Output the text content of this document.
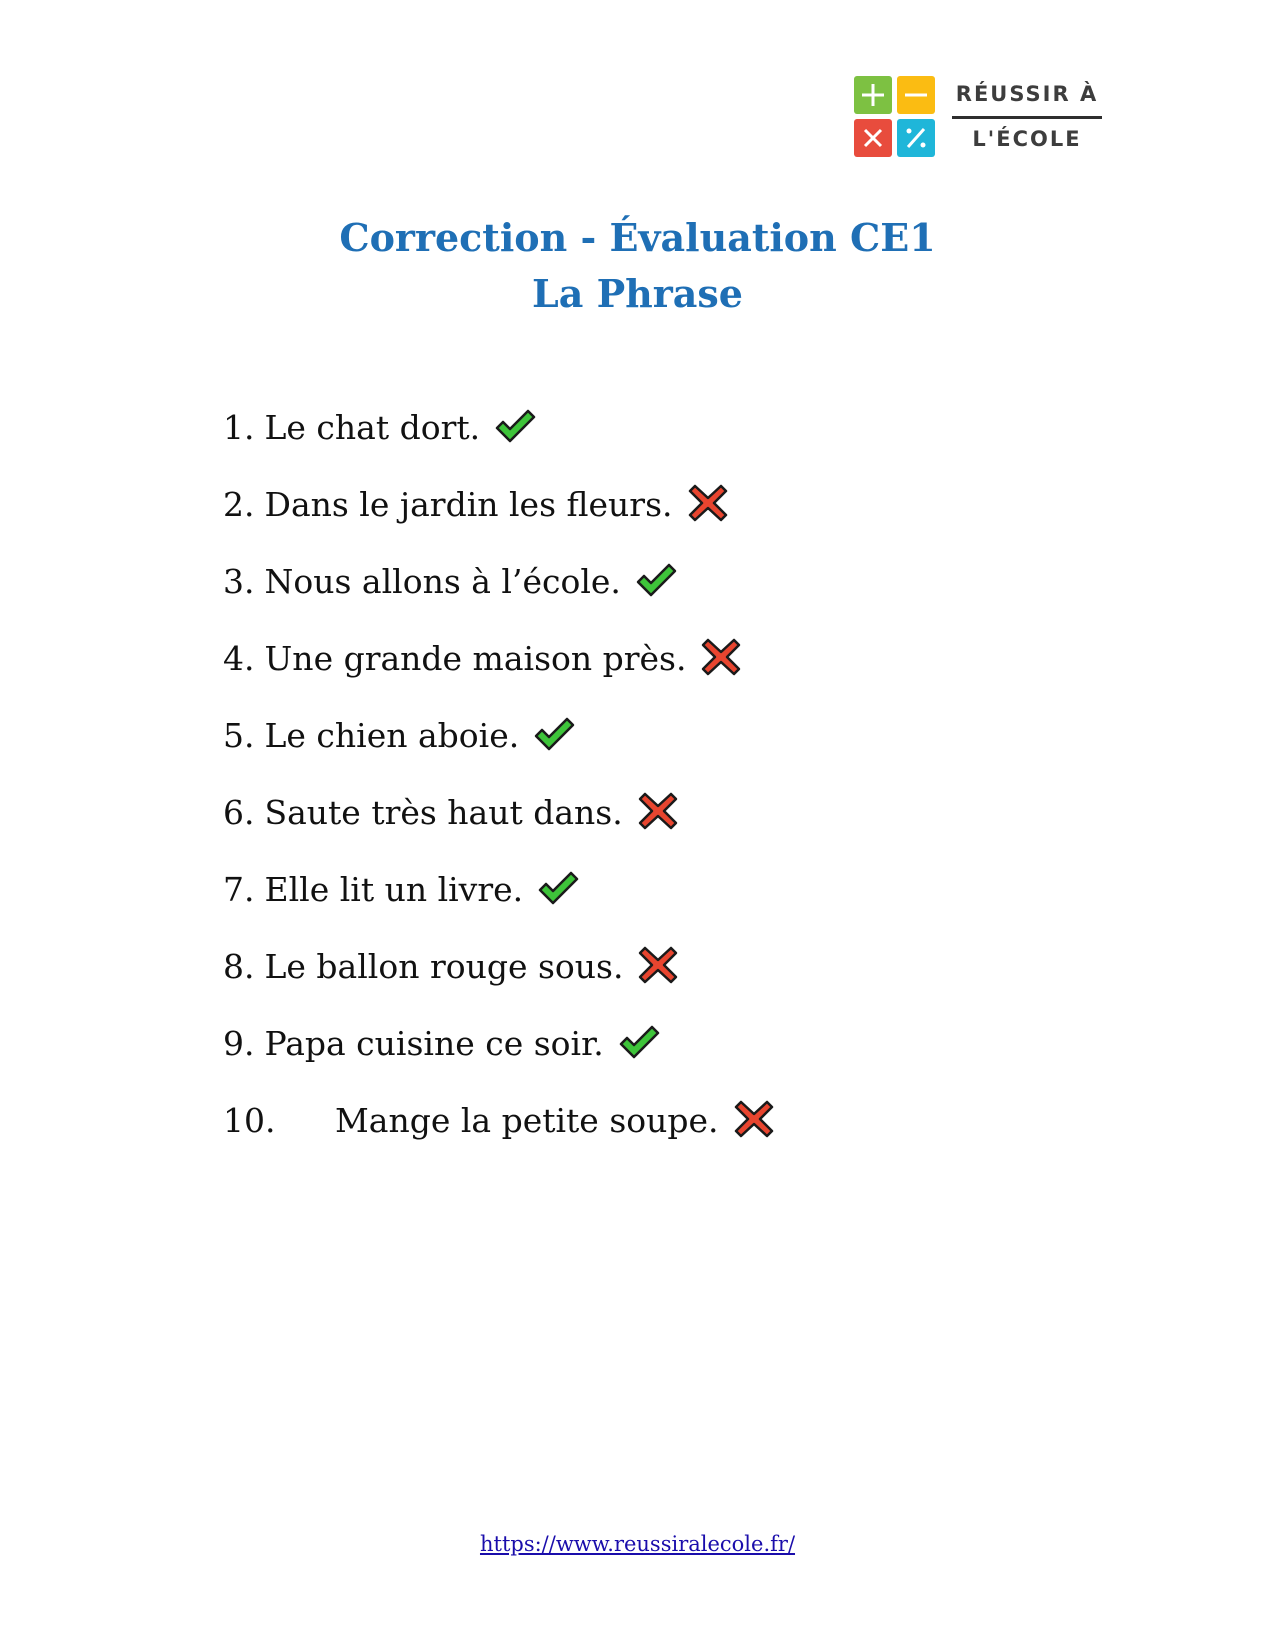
RÉUSSIR À
L'ÉCOLE
Correction - Évaluation CE1
La Phrase
1. Le chat dort.
2. Dans le jardin les fleurs.
3. Nous allons à l’école.
4. Une grande maison près.
5. Le chien aboie.
6. Saute très haut dans.
7. Elle lit un livre.
8. Le ballon rouge sous.
9. Papa cuisine ce soir.
10.	Mange la petite soupe.
https://www.reussiralecole.fr/
